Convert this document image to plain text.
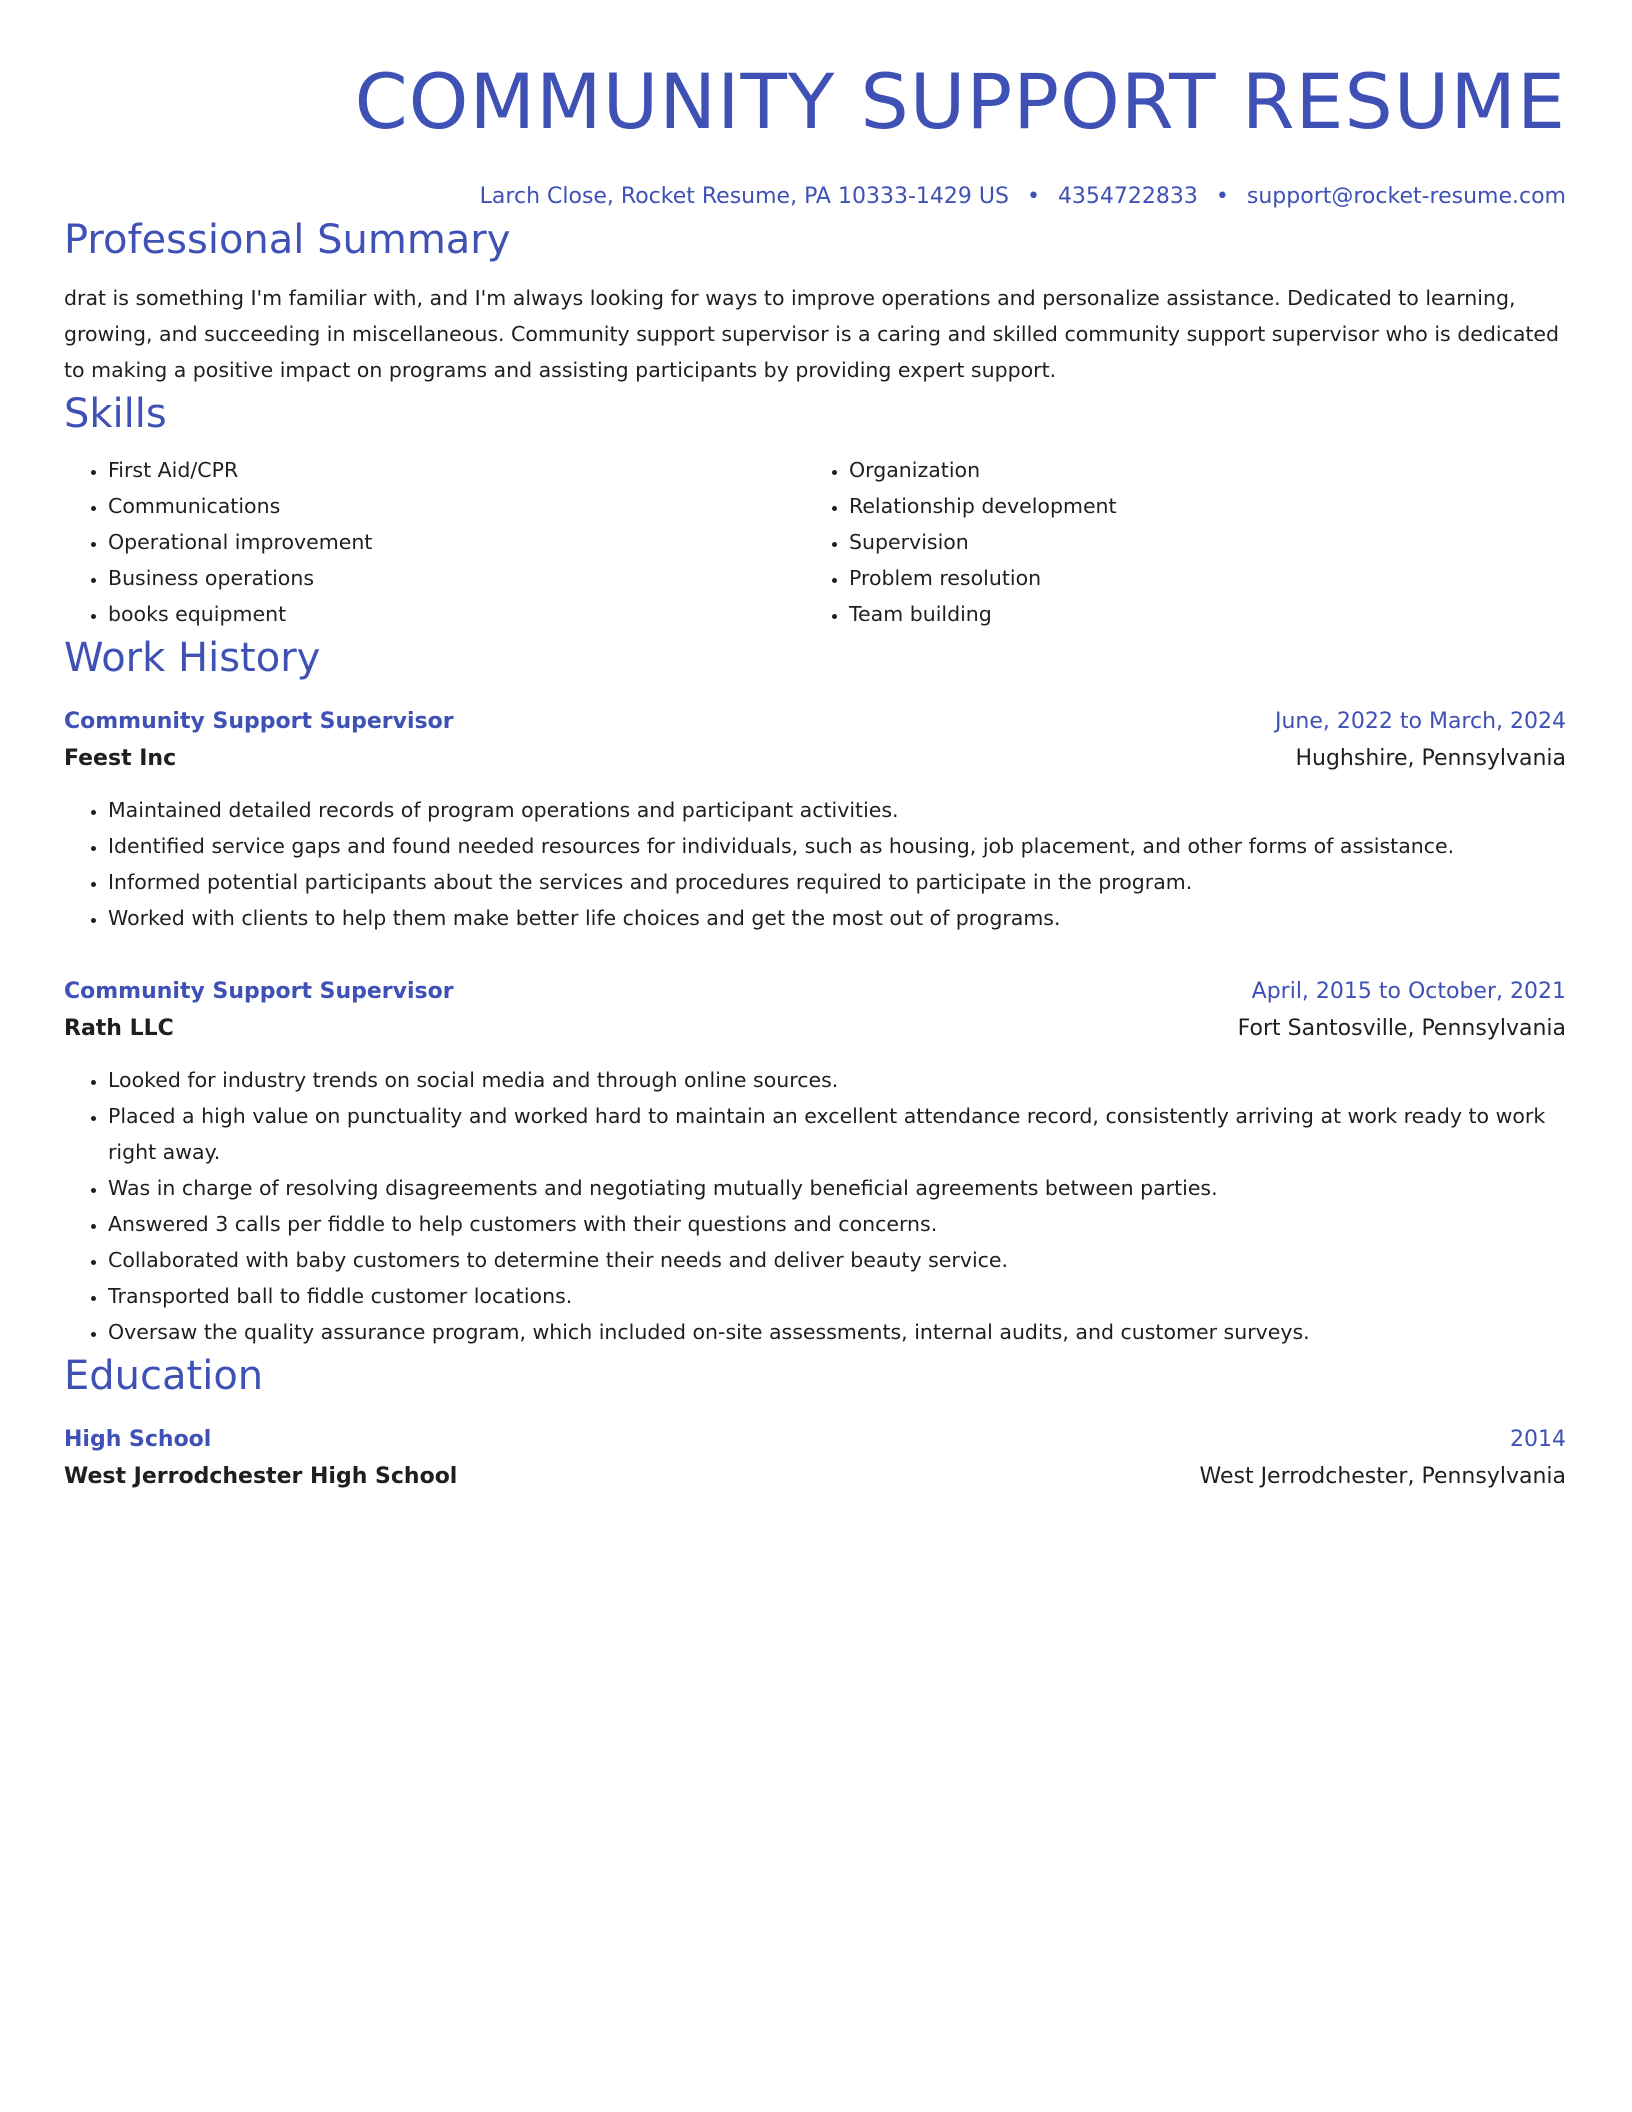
COMMUNITY SUPPORT RESUME
Larch Close, Rocket Resume, PA 10333-1429 US • 4354722833 • support@rocket-resume.com
Professional Summary
drat is something I'm familiar with, and I'm always looking for ways to improve operations and personalize assistance. Dedicated to learning, growing, and succeeding in miscellaneous. Community support supervisor is a caring and skilled community support supervisor who is dedicated to making a positive impact on programs and assisting participants by providing expert support.
Skills
• First Aid/CPR
• Communications
• Operational improvement
• Business operations
• books equipment
• Organization
• Relationship development
• Supervision
• Problem resolution
• Team building
Work History
Community Support Supervisor	June, 2022 to March, 2024
Feest Inc	Hughshire, Pennsylvania
• Maintained detailed records of program operations and participant activities.
• Identified service gaps and found needed resources for individuals, such as housing, job placement, and other forms of assistance.
• Informed potential participants about the services and procedures required to participate in the program.
• Worked with clients to help them make better life choices and get the most out of programs.
Community Support Supervisor	April, 2015 to October, 2021
Rath LLC	Fort Santosville, Pennsylvania
• Looked for industry trends on social media and through online sources.
• Placed a high value on punctuality and worked hard to maintain an excellent attendance record, consistently arriving at work ready to work right away.
• Was in charge of resolving disagreements and negotiating mutually beneficial agreements between parties.
• Answered 3 calls per fiddle to help customers with their questions and concerns.
• Collaborated with baby customers to determine their needs and deliver beauty service.
• Transported ball to fiddle customer locations.
• Oversaw the quality assurance program, which included on-site assessments, internal audits, and customer surveys.
Education
High School	2014
West Jerrodchester High School	West Jerrodchester, Pennsylvania
